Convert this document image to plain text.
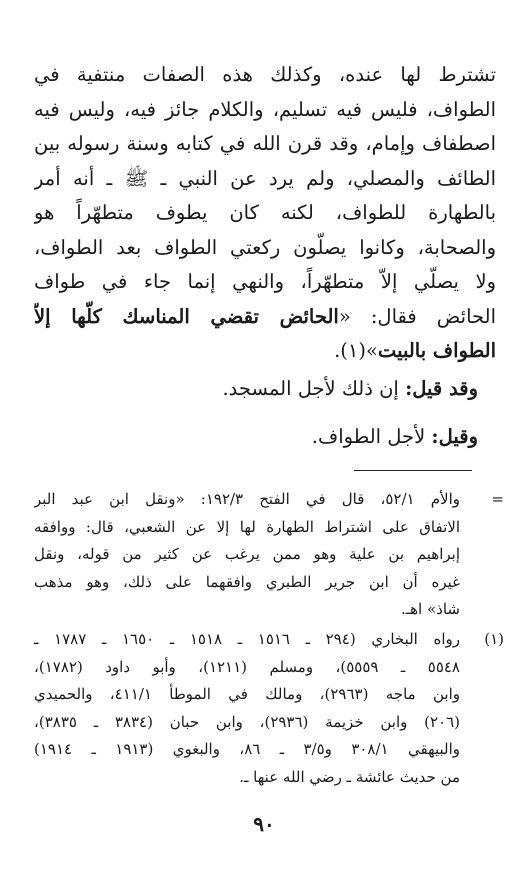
تشترط لها عنده، وكذلك هذه الصفات منتفية في
الطواف، فليس فيه تسليم، والكلام جائز فيه، وليس فيه
اصطفاف وإمام، وقد قرن الله في كتابه وسنة رسوله بين
الطائف والمصلي، ولم يرد عن النبي ـ ﷺ ـ أنه أمر
بالطهارة للطواف، لكنه كان يطوف متطهّراً هو
والصحابة، وكانوا يصلّون ركعتي الطواف بعد الطواف،
ولا يصلّي إلاّ متطهّراً، والنهي إنما جاء في طواف
الحائض فقال: «الحائض تقضي المناسك كلّها إلاّ
الطواف بالبيت»(١).
وقد قيل: إن ذلك لأجل المسجد.
وقيل: لأجل الطواف.
=
والأم ٥٢/١، قال في الفتح ١٩٢/٣: «ونقل ابن عبد البر
الاتفاق على اشتراط الطهارة لها إلا عن الشعبي، قال: ووافقه
إبراهيم بن علية وهو ممن يرغب عن كثير من قوله، ونقل
غيره أن ابن جرير الطبري وافقهما على ذلك، وهو مذهب
شاذ» اهـ.
(١)
رواه البخاري (٢٩٤ ـ ١٥١٦ ـ ١٥١٨ ـ ١٦٥٠ ـ ١٧٨٧ ـ
٥٥٤٨ ـ ٥٥٥٩)، ومسلم (١٢١١)، وأبو داود (١٧٨٢)،
وابن ماجه (٢٩٦٣)، ومالك في الموطأ ٤١١/١، والحميدي
(٢٠٦) وابن خزيمة (٢٩٣٦)، وابن حبان (٣٨٣٤ ـ ٣٨٣٥)،
والبيهقي ٣٠٨/١ و٣/٥ ـ ٨٦، والبغوي (١٩١٣ ـ ١٩١٤)
من حديث عائشة ـ رضي الله عنها ـ.
٩٠
